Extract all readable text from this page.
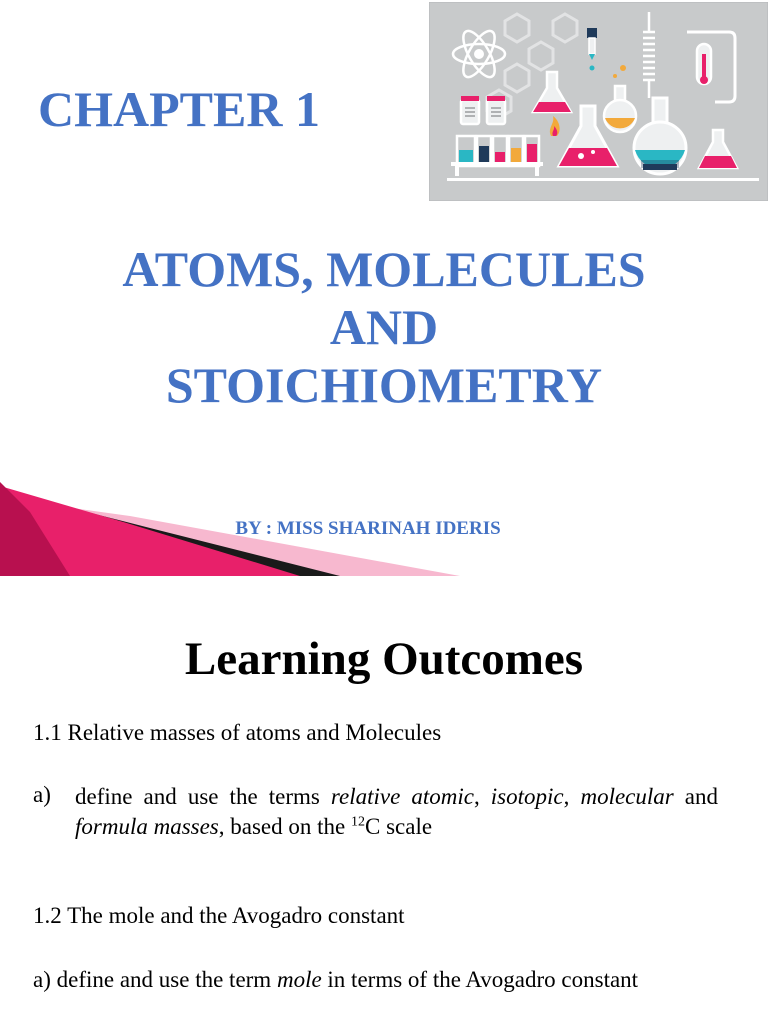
CHAPTER 1
ATOMS, MOLECULES
AND
STOICHIOMETRY
BY : MISS SHARINAH IDERIS
Learning Outcomes
1.1 Relative masses of atoms and Molecules
a) define and use the terms relative atomic, isotopic, molecular and formula masses, based on the $^{12}$C scale
1.2 The mole and the Avogadro constant
a) define and use the term mole in terms of the Avogadro constant
